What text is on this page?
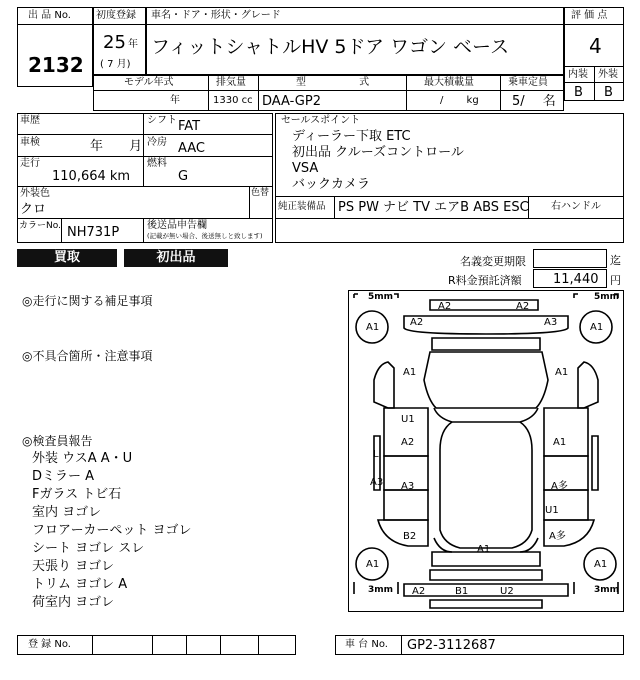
出 品 No.
2132
初度登録
25 年
( 7 月)
車名・ドア・形状・グレード
フィットシャトルHV 5ドア ワゴン ベース
評 価 点
4
内装 外装
B B
モデル年式
年
排気量
1330 cc
型 式
DAA-GP2
最大積載量
/ kg
乗車定員
5/ 名
車歴	シフト FAT
車検	年 月 冷房 AAC
走行
110,664 km
燃料
G
外装色
クロ
色替
カラーNo. NH731P	後送品申告欄
(記載が無い場合、後送無しと致します)
セールスポイント
ディーラー下取 ETC
初出品 クルーズコントロール
VSA
バックカメラ
純正装備品 PS PW ナビ TV エアB ABS ESC 右ハンドル
買取	初出品	名義変更期限	迄
R料金預託済額 11,440 円
◎走行に関する補足事項
◎不具合箇所・注意事項
◎検査員報告
外装 ウスA A・U
Dミラー A
Fガラス トビ石
室内 ヨゴレ
フロアーカーペット ヨゴレ
シート ヨゴレ スレ
天張り ヨゴレ
トリム ヨゴレ A
荷室内 ヨゴレ
5mm	5mm
3mm	3mm
A2	A2
A2	A3
A1	A1
A1	A1
U1
A2
L
A3 A3
B2
A1
A多
U1
A多
A1
A1	A1
A2	B1	U2
登 録 No.	車 台 No. GP2-3112687
